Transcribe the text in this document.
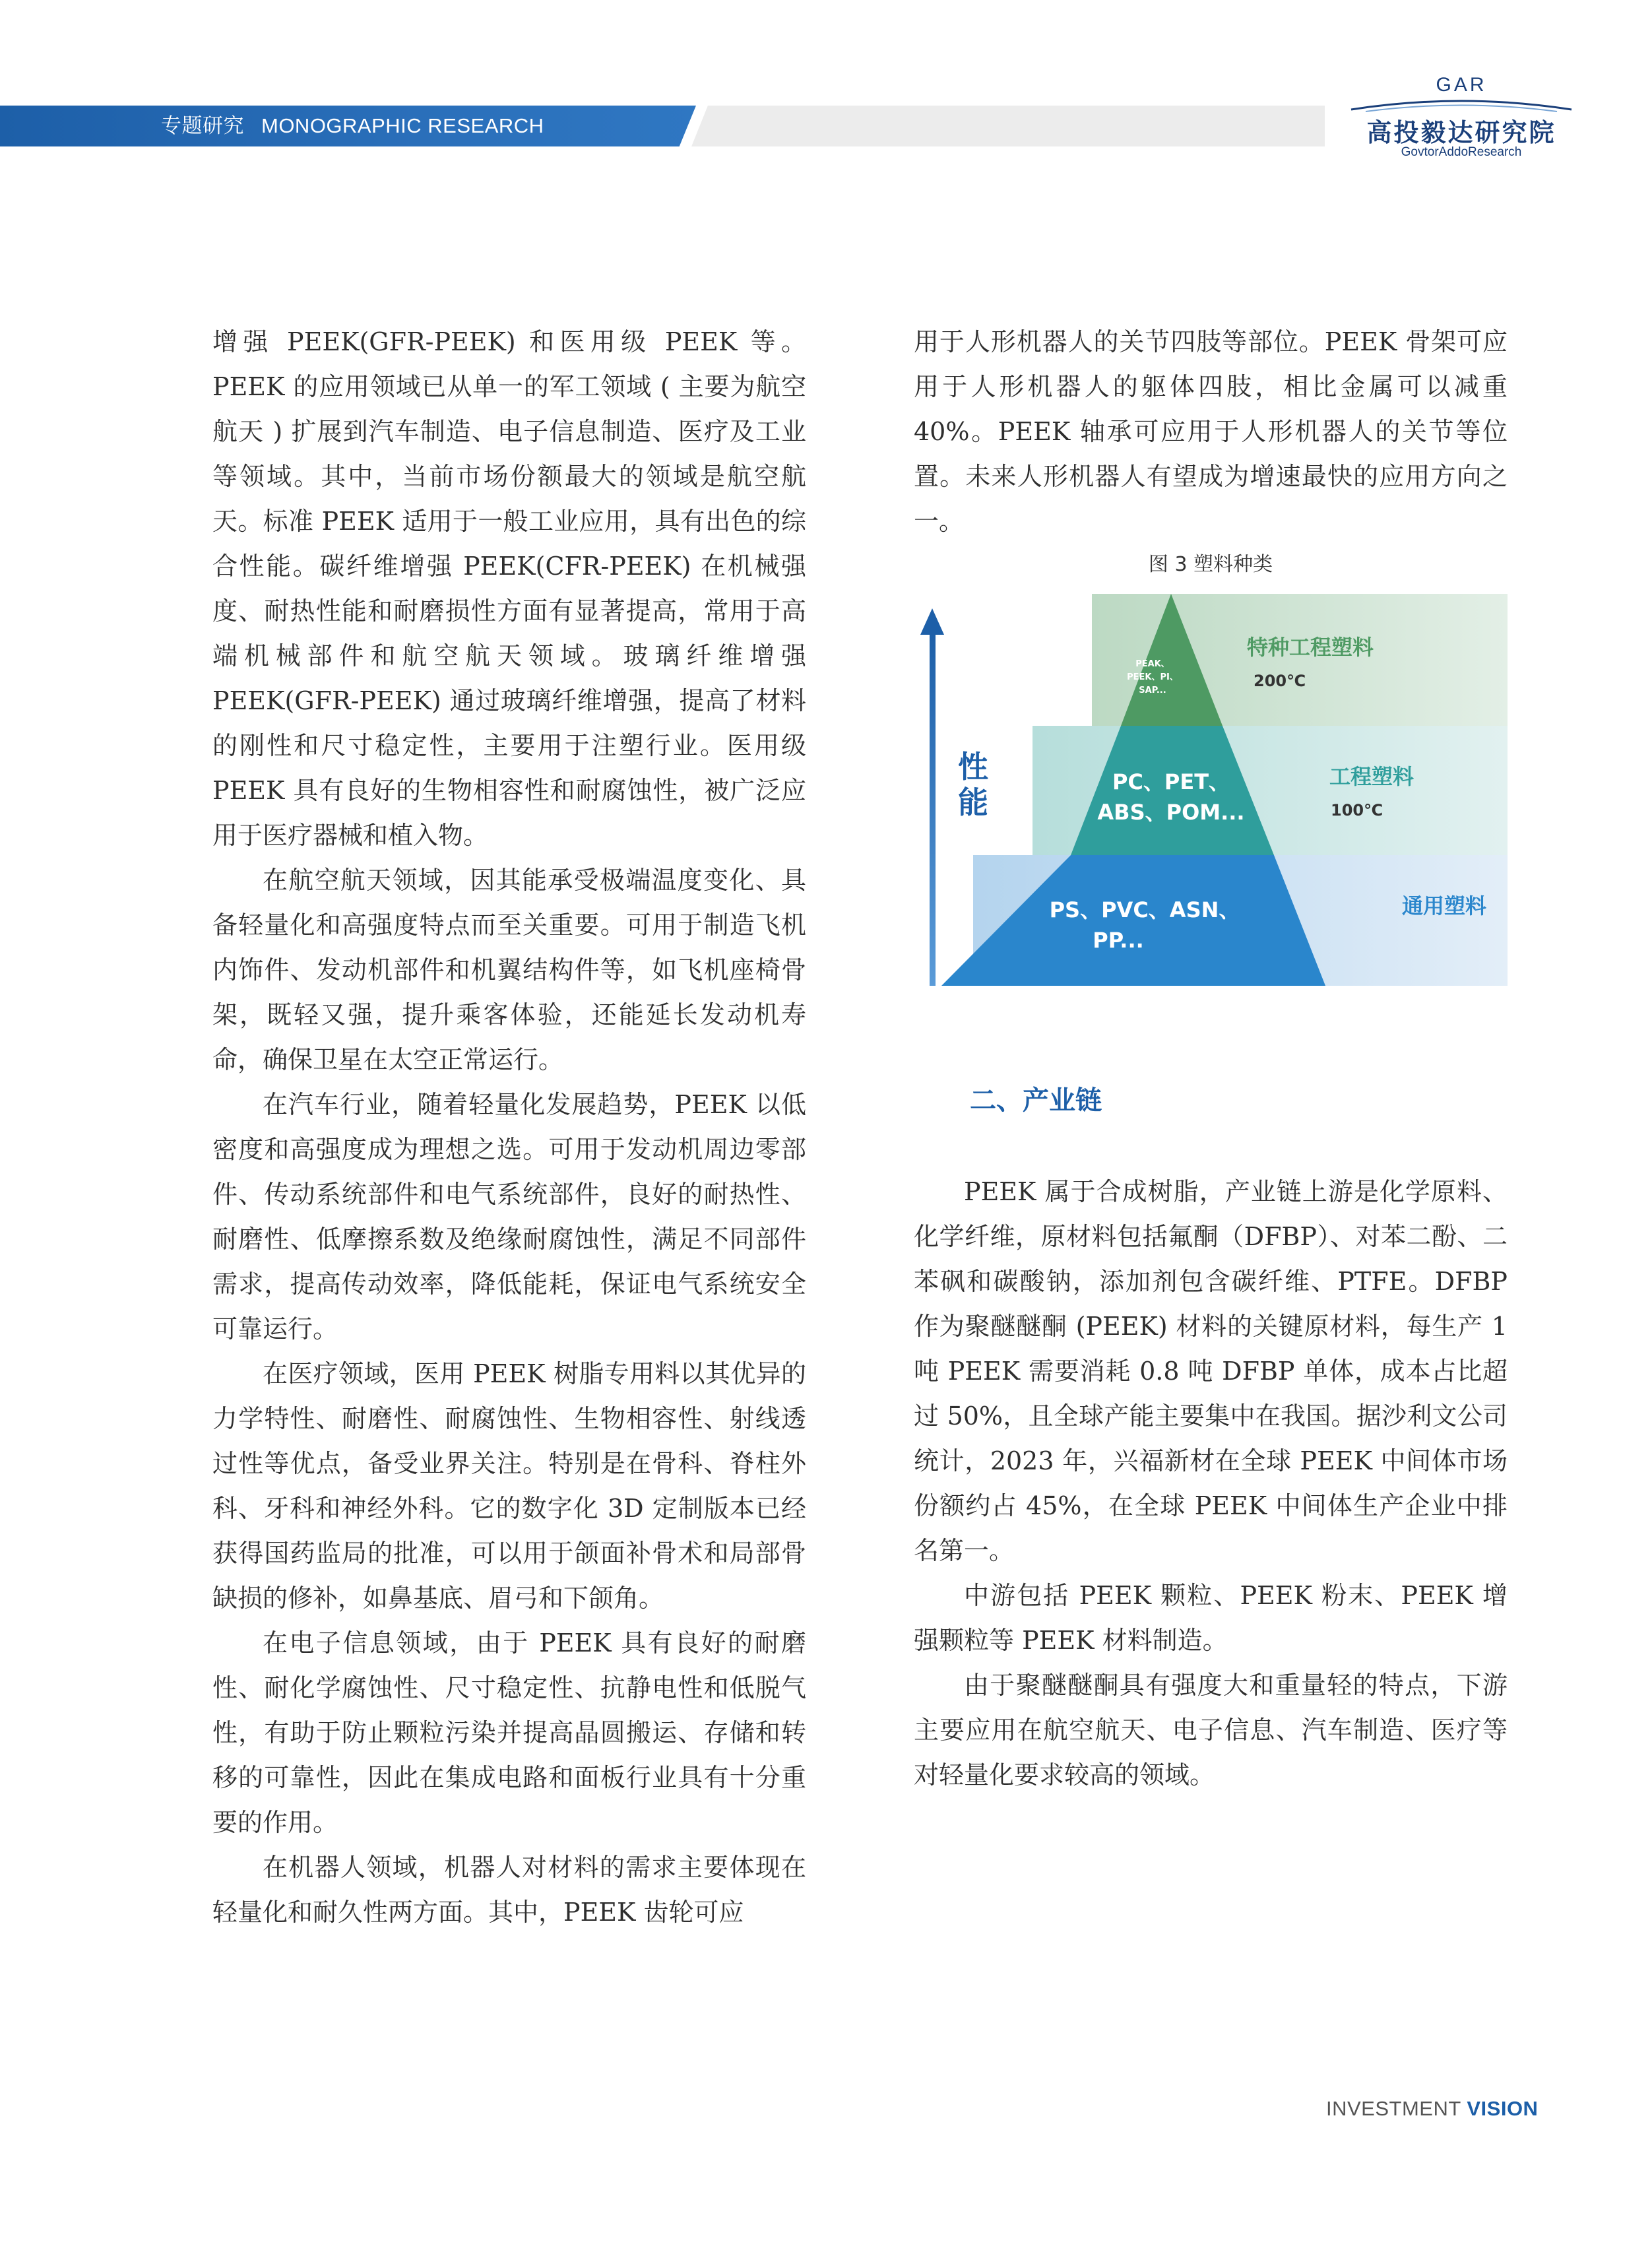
专题研究 MONOGRAPHIC RESEARCH
GAR
高投毅达研究院
GovtorAddoResearch

增强 PEEK(GFR-PEEK) 和医用级 PEEK 等。PEEK 的应用领域已从单一的军工领域 ( 主要为航空航天 ) 扩展到汽车制造、电子信息制造、医疗及工业等领域。其中，当前市场份额最大的领域是航空航天。标准 PEEK 适用于一般工业应用，具有出色的综合性能。碳纤维增强 PEEK(CFR-PEEK) 在机械强度、耐热性能和耐磨损性方面有显著提高，常用于高端机械部件和航空航天领域。玻璃纤维增强 PEEK(GFR-PEEK) 通过玻璃纤维增强，提高了材料的刚性和尺寸稳定性，主要用于注塑行业。医用级 PEEK 具有良好的生物相容性和耐腐蚀性，被广泛应用于医疗器械和植入物。

在航空航天领域，因其能承受极端温度变化、具备轻量化和高强度特点而至关重要。可用于制造飞机内饰件、发动机部件和机翼结构件等，如飞机座椅骨架，既轻又强，提升乘客体验，还能延长发动机寿命，确保卫星在太空正常运行。

在汽车行业，随着轻量化发展趋势，PEEK 以低密度和高强度成为理想之选。可用于发动机周边零部件、传动系统部件和电气系统部件，良好的耐热性、耐磨性、低摩擦系数及绝缘耐腐蚀性，满足不同部件需求，提高传动效率，降低能耗，保证电气系统安全可靠运行。

在医疗领域，医用 PEEK 树脂专用料以其优异的力学特性、耐磨性、耐腐蚀性、生物相容性、射线透过性等优点，备受业界关注。特别是在骨科、脊柱外科、牙科和神经外科。它的数字化 3D 定制版本已经获得国药监局的批准，可以用于颌面补骨术和局部骨缺损的修补，如鼻基底、眉弓和下颌角。

在电子信息领域，由于 PEEK 具有良好的耐磨性、耐化学腐蚀性、尺寸稳定性、抗静电性和低脱气性，有助于防止颗粒污染并提高晶圆搬运、存储和转移的可靠性，因此在集成电路和面板行业具有十分重要的作用。

在机器人领域，机器人对材料的需求主要体现在轻量化和耐久性两方面。其中，PEEK 齿轮可应

用于人形机器人的关节四肢等部位。PEEK 骨架可应用于人形机器人的躯体四肢，相比金属可以减重 40%。PEEK 轴承可应用于人形机器人的关节等位置。未来人形机器人有望成为增速最快的应用方向之一。

图 3 塑料种类
性
能
PEAK、
PEEK、PI、
SAP...
特种工程塑料
200℃
PC、PET、
ABS、POM...
工程塑料
100℃
PS、PVC、ASN、
PP...
通用塑料
二、产业链

PEEK 属于合成树脂，产业链上游是化学原料、化学纤维，原材料包括氟酮（DFBP）、对苯二酚、二苯砜和碳酸钠，添加剂包含碳纤维、PTFE。DFBP 作为聚醚醚酮 (PEEK) 材料的关键原材料，每生产 1 吨 PEEK 需要消耗 0.8 吨 DFBP 单体，成本占比超过 50%，且全球产能主要集中在我国。据沙利文公司统计，2023 年，兴福新材在全球 PEEK 中间体市场份额约占 45%，在全球 PEEK 中间体生产企业中排名第一。

中游包括 PEEK 颗粒、PEEK 粉末、PEEK 增强颗粒等 PEEK 材料制造。

由于聚醚醚酮具有强度大和重量轻的特点，下游主要应用在航空航天、电子信息、汽车制造、医疗等对轻量化要求较高的领域。

INVESTMENT VISION
